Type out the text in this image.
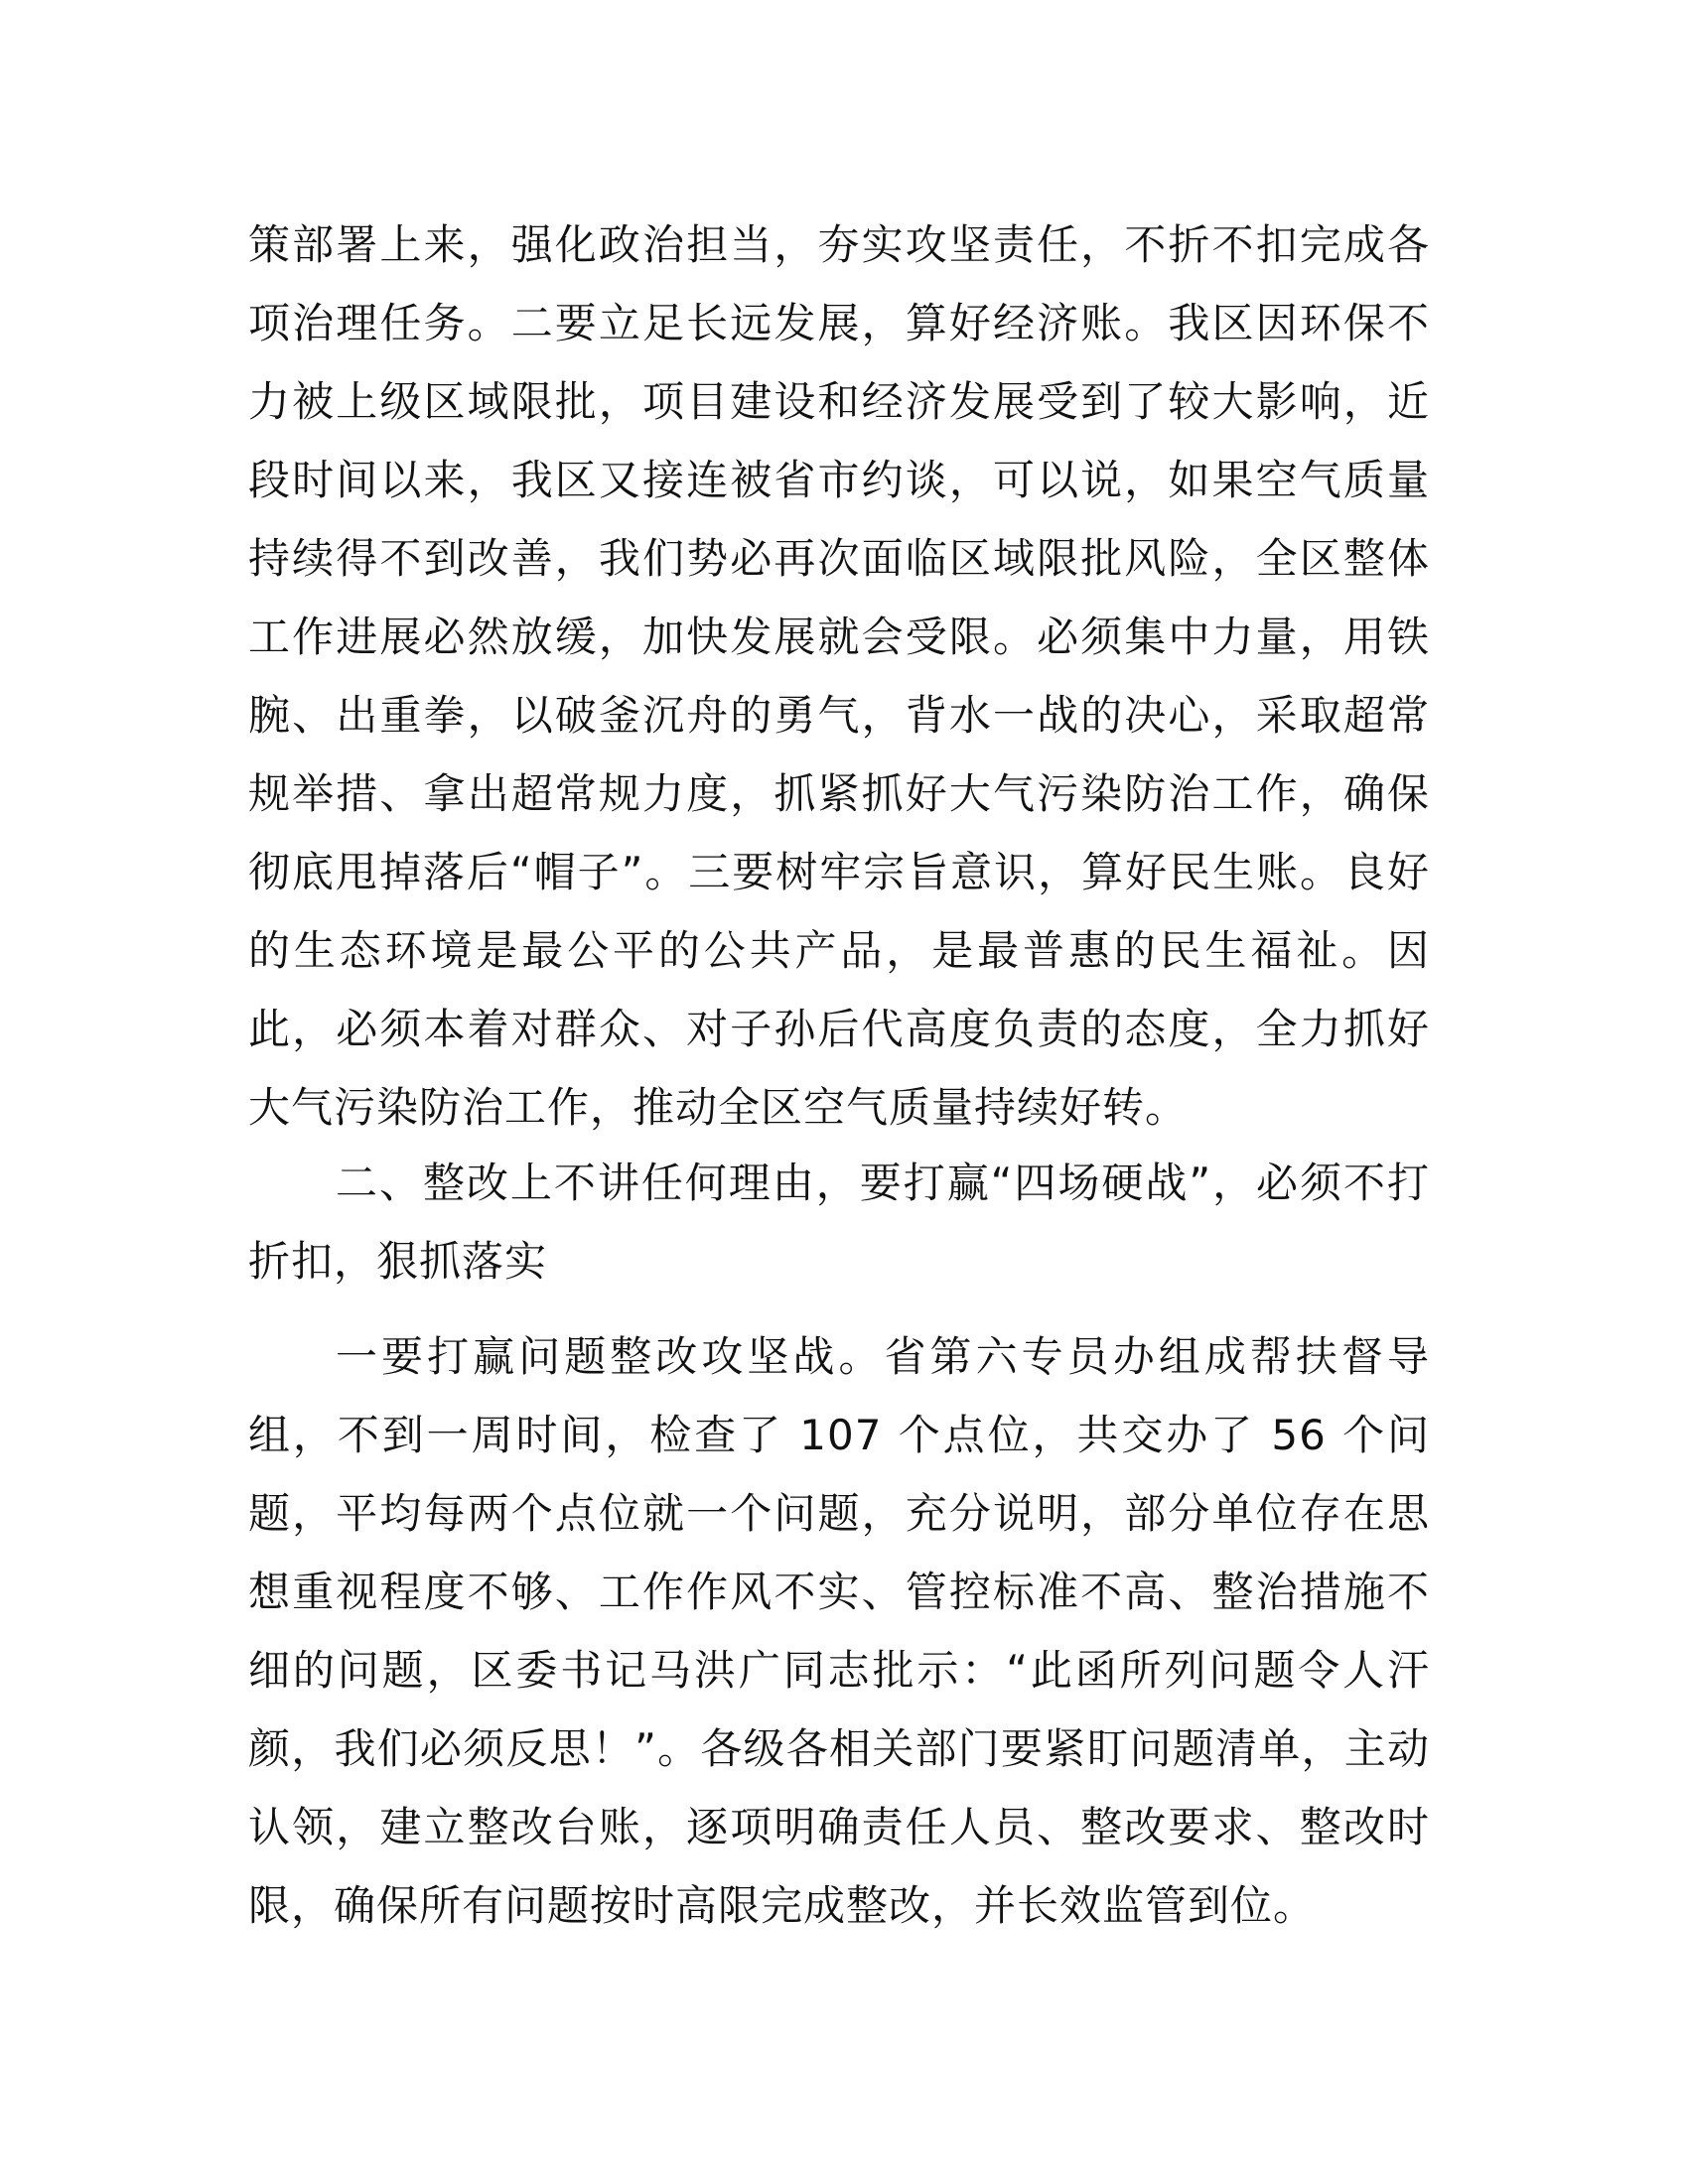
策部署上来，强化政治担当，夯实攻坚责任，不折不扣完成各项治理任务。二要立足长远发展，算好经济账。我区因环保不力被上级区域限批，项目建设和经济发展受到了较大影响，近段时间以来，我区又接连被省市约谈，可以说，如果空气质量持续得不到改善，我们势必再次面临区域限批风险，全区整体工作进展必然放缓，加快发展就会受限。必须集中力量，用铁腕、出重拳，以破釜沉舟的勇气，背水一战的决心，采取超常规举措、拿出超常规力度，抓紧抓好大气污染防治工作，确保彻底甩掉落后“帽子”。三要树牢宗旨意识，算好民生账。良好的生态环境是最公平的公共产品，是最普惠的民生福祉。因此，必须本着对群众、对子孙后代高度负责的态度，全力抓好大气污染防治工作，推动全区空气质量持续好转。

二、整改上不讲任何理由，要打赢“四场硬战”，必须不打折扣，狠抓落实

一要打赢问题整改攻坚战。省第六专员办组成帮扶督导组，不到一周时间，检查了 107 个点位，共交办了 56 个问题，平均每两个点位就一个问题，充分说明，部分单位存在思想重视程度不够、工作作风不实、管控标准不高、整治措施不细的问题，区委书记马洪广同志批示：“此函所列问题令人汗颜，我们必须反思！”。各级各相关部门要紧盯问题清单，主动认领，建立整改台账，逐项明确责任人员、整改要求、整改时限，确保所有问题按时高限完成整改，并长效监管到位。
